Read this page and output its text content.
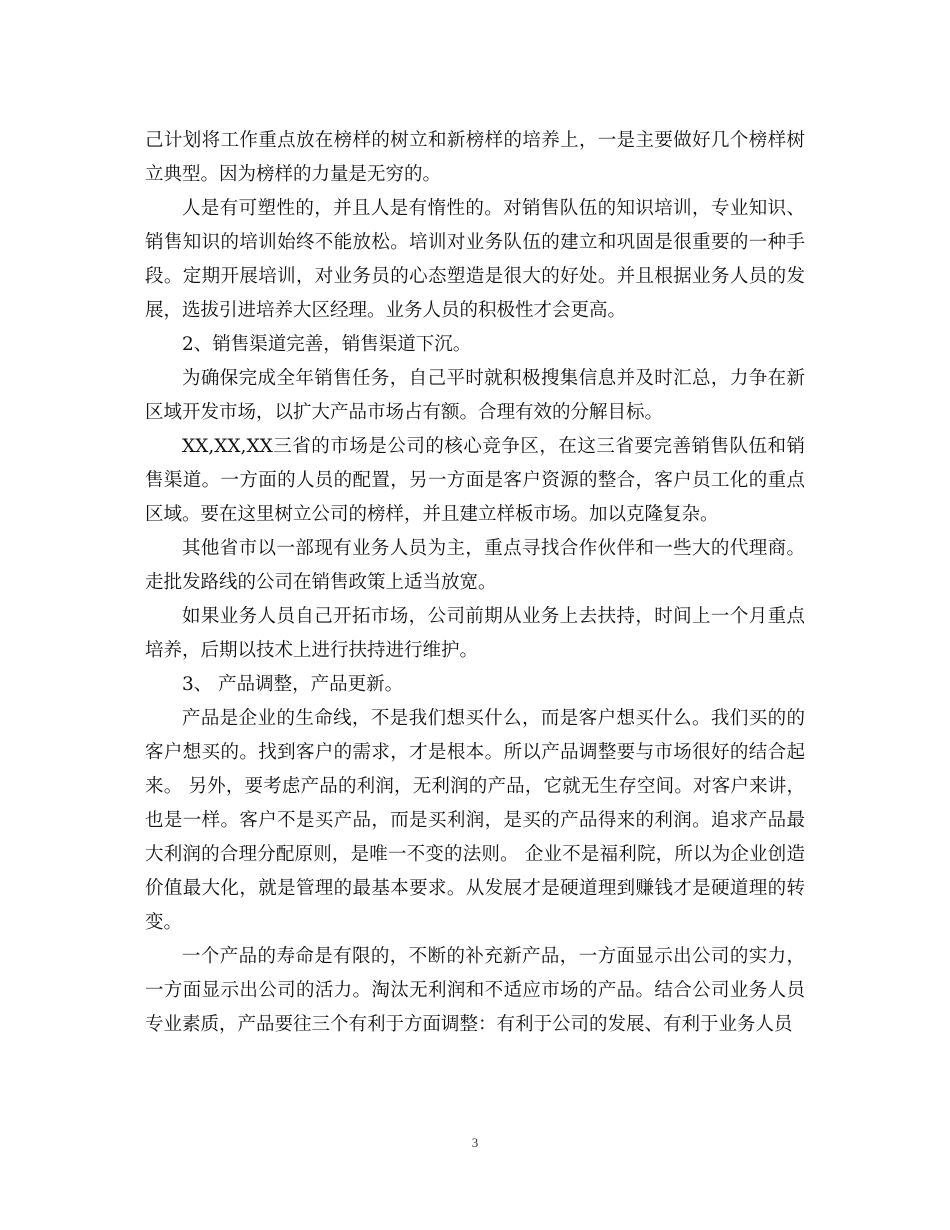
己计划将工作重点放在榜样的树立和新榜样的培养上，一是主要做好几个榜样树立典型。因为榜样的力量是无穷的。

人是有可塑性的，并且人是有惰性的。对销售队伍的知识培训，专业知识、销售知识的培训始终不能放松。培训对业务队伍的建立和巩固是很重要的一种手段。定期开展培训，对业务员的心态塑造是很大的好处。并且根据业务人员的发展，选拔引进培养大区经理。业务人员的积极性才会更高。

2、销售渠道完善，销售渠道下沉。

为确保完成全年销售任务，自己平时就积极搜集信息并及时汇总，力争在新区域开发市场，以扩大产品市场占有额。合理有效的分解目标。

XX,XX,XX三省的市场是公司的核心竞争区，在这三省要完善销售队伍和销售渠道。一方面的人员的配置，另一方面是客户资源的整合，客户员工化的重点区域。要在这里树立公司的榜样，并且建立样板市场。加以克隆复杂。

其他省市以一部现有业务人员为主，重点寻找合作伙伴和一些大的代理商。走批发路线的公司在销售政策上适当放宽。

如果业务人员自己开拓市场，公司前期从业务上去扶持，时间上一个月重点培养，后期以技术上进行扶持进行维护。

3、 产品调整，产品更新。

产品是企业的生命线，不是我们想买什么，而是客户想买什么。我们买的的客户想买的。找到客户的需求，才是根本。所以产品调整要与市场很好的结合起来。 另外，要考虑产品的利润，无利润的产品，它就无生存空间。对客户来讲，也是一样。客户不是买产品，而是买利润，是买的产品得来的利润。追求产品最大利润的合理分配原则，是唯一不变的法则。 企业不是福利院，所以为企业创造价值最大化，就是管理的最基本要求。从发展才是硬道理到赚钱才是硬道理的转变。

一个产品的寿命是有限的，不断的补充新产品，一方面显示出公司的实力，一方面显示出公司的活力。淘汰无利润和不适应市场的产品。结合公司业务人员专业素质，产品要往三个有利于方面调整：有利于公司的发展、有利于业务人员

3
